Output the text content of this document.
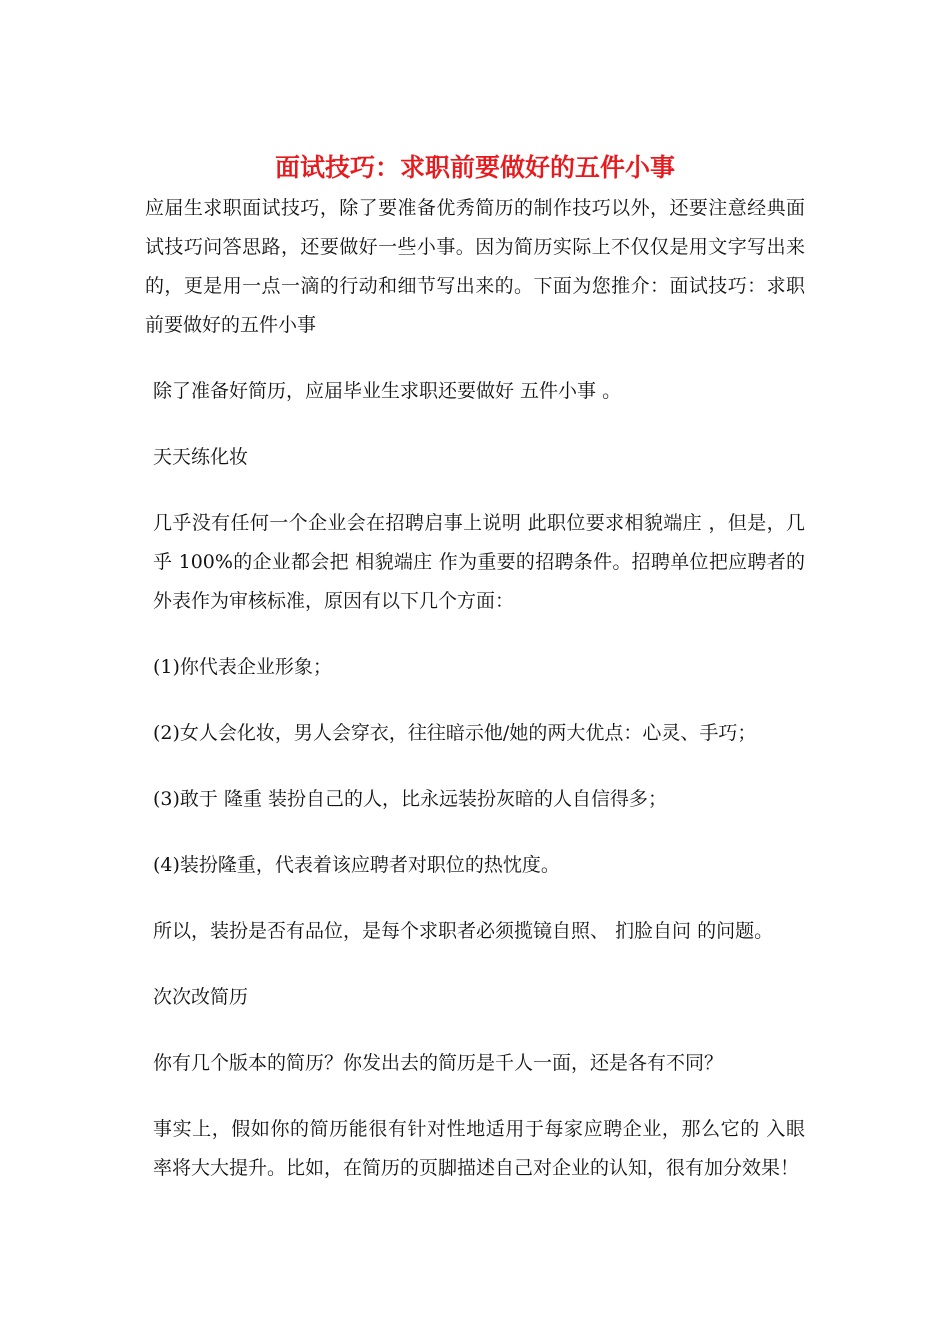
面试技巧：求职前要做好的五件小事

应届生求职面试技巧，除了要准备优秀简历的制作技巧以外，还要注意经典面试技巧问答思路，还要做好一些小事。因为简历实际上不仅仅是用文字写出来的，更是用一点一滴的行动和细节写出来的。下面为您推介：面试技巧：求职前要做好的五件小事

除了准备好简历，应届毕业生求职还要做好 五件小事 。

天天练化妆

几乎没有任何一个企业会在招聘启事上说明 此职位要求相貌端庄 ，但是，几乎 100%的企业都会把 相貌端庄 作为重要的招聘条件。招聘单位把应聘者的外表作为审核标准，原因有以下几个方面：

(1)你代表企业形象；

(2)女人会化妆，男人会穿衣，往往暗示他/她的两大优点：心灵、手巧；

(3)敢于 隆重 装扮自己的人，比永远装扮灰暗的人自信得多；

(4)装扮隆重，代表着该应聘者对职位的热忱度。

所以，装扮是否有品位，是每个求职者必须揽镜自照、 扪脸自问 的问题。

次次改简历

你有几个版本的简历？你发出去的简历是千人一面，还是各有不同？

事实上，假如你的简历能很有针对性地适用于每家应聘企业，那么它的 入眼率将大大提升。比如，在简历的页脚描述自己对企业的认知，很有加分效果！
